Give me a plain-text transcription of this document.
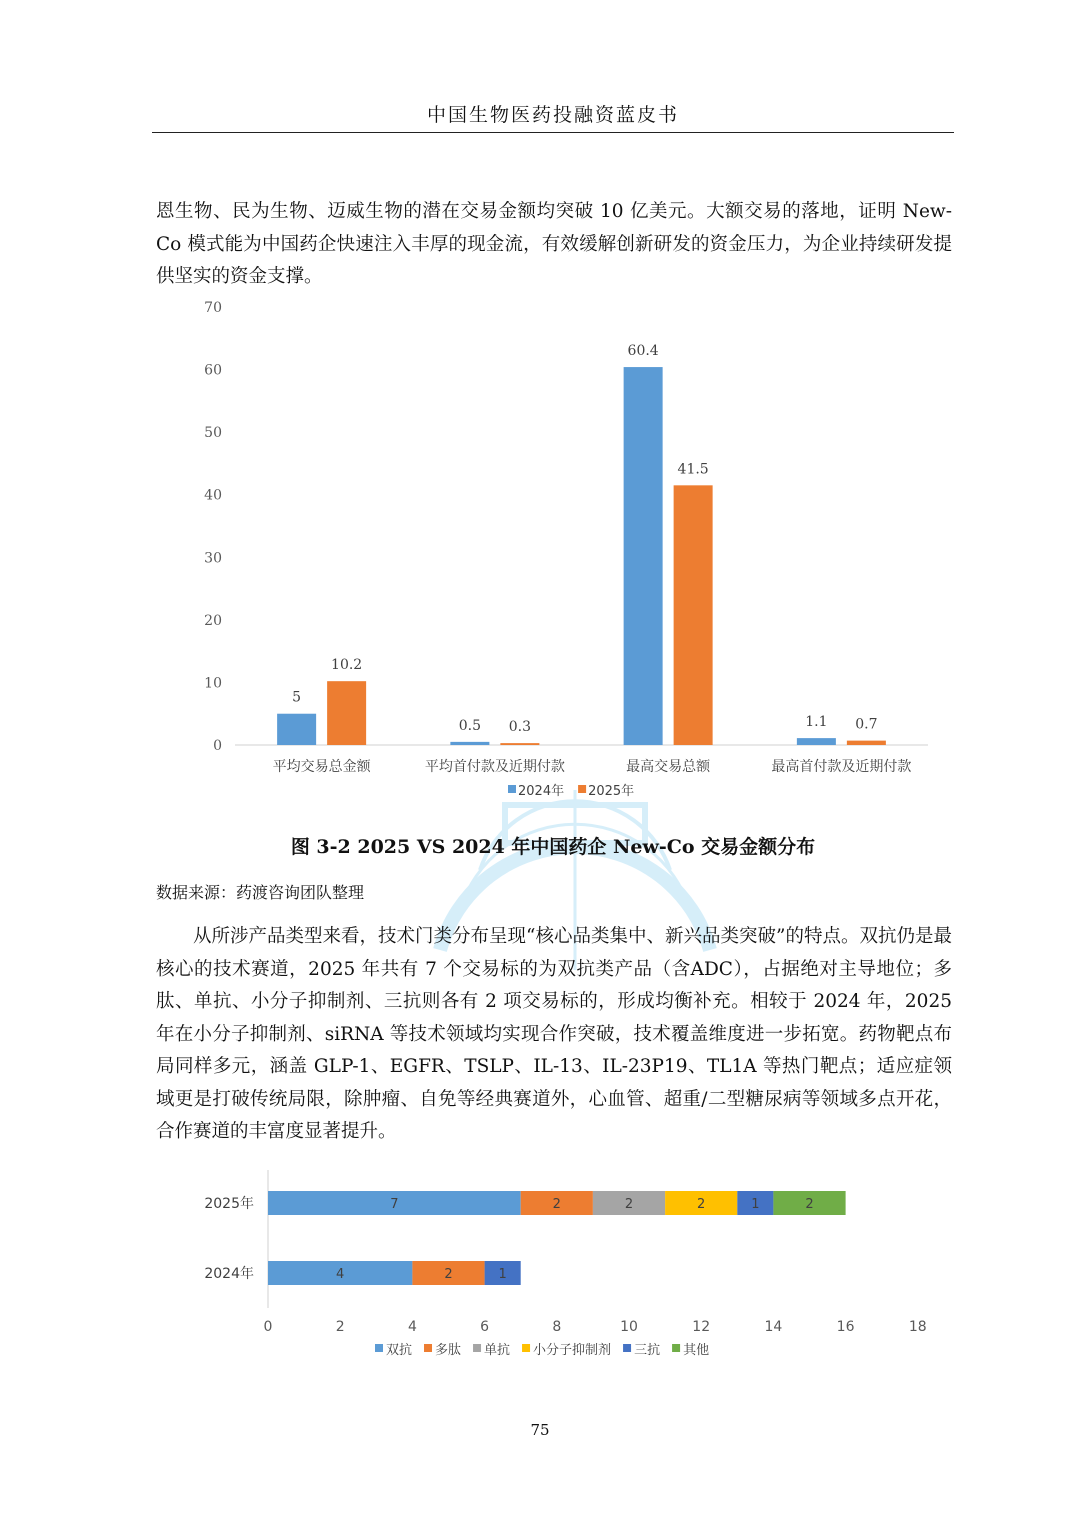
中国生物医药投融资蓝皮书

恩生物、民为生物、迈威生物的潜在交易金额均突破 10 亿美元。大额交易的落地，证明 New-Co 模式能为中国药企快速注入丰厚的现金流，有效缓解创新研发的资金压力，为企业持续研发提供坚实的资金支撑。

0
10
20
30
40
50
60
70
5
10.2
0.5 0.3
60.4
41.5
1.1 0.7
平均交易总金额	平均首付款及近期付款	最高交易总额	最高首付款及近期付款
2024年 2025年
图 3-2 2025 VS 2024 年中国药企 New-Co 交易金额分布
数据来源：药渡咨询团队整理

从所涉产品类型来看，技术门类分布呈现“核心品类集中、新兴品类突破”的特点。双抗仍是最核心的技术赛道，2025 年共有 7 个交易标的为双抗类产品（含ADC），占据绝对主导地位；多肽、单抗、小分子抑制剂、三抗则各有 2 项交易标的，形成均衡补充。相较于 2024 年，2025 年在小分子抑制剂、siRNA 等技术领域均实现合作突破，技术覆盖维度进一步拓宽。药物靶点布局同样多元，涵盖 GLP-1、EGFR、TSLP、IL-13、IL-23P19、TL1A 等热门靶点；适应症领域更是打破传统局限，除肿瘤、自免等经典赛道外，心血管、超重/二型糖尿病等领域多点开花，合作赛道的丰富度显著提升。

7	2	2	2	1	2
4	2	1
2025年
2024年
0	2	4	6	8	10	12	14	16	18
双抗 多肽 单抗 小分子抑制剂 三抗 其他
75
